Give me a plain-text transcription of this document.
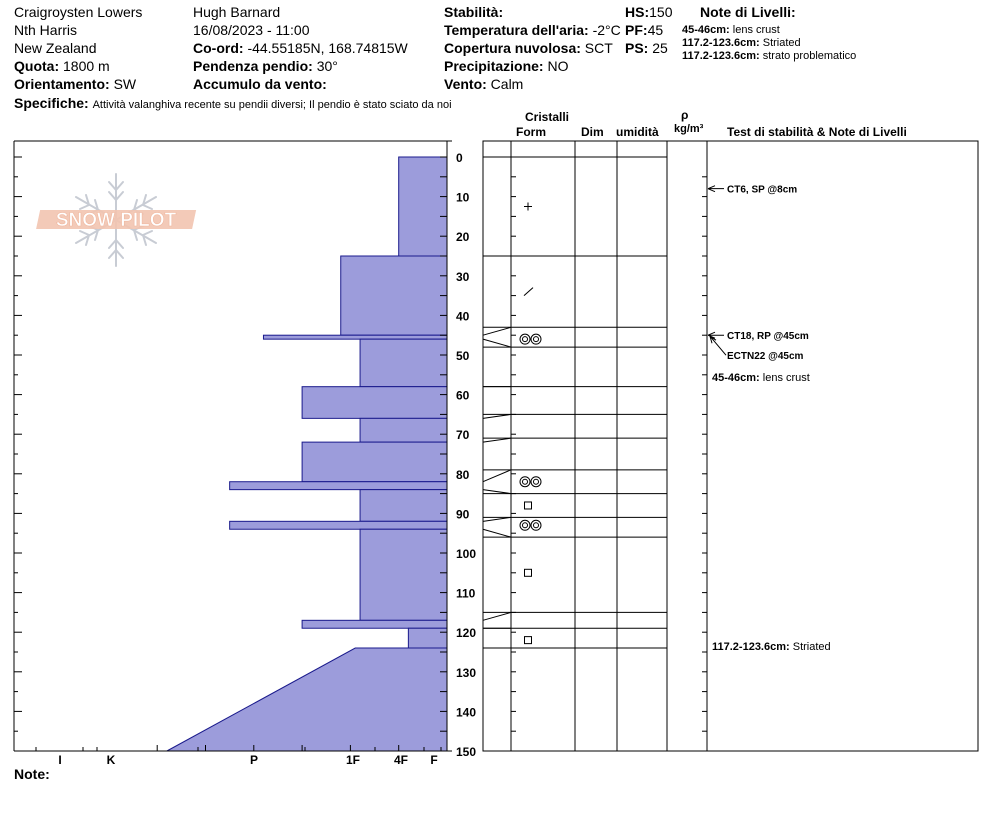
Craigroysten Lowers
Nth Harris
New Zealand
Quota: 1800 m
Orientamento: SW
Hugh Barnard
16/08/2023 - 11:00
Co-ord: -44.55185N, 168.74815W
Pendenza pendio: 30°
Accumulo da vento:
Stabilità:
Temperatura dell'aria: -2°C
Copertura nuvolosa: SCT
Precipitazione: NO
Vento: Calm
HS:150
PF:45
PS: 25
Note di Livelli:
45-46cm: lens crust
117.2-123.6cm: Striated
117.2-123.6cm: strato problematico
Specifiche: Attività valanghiva recente su pendii diversi; Il pendio è stato sciato da noi
Cristalli
Form	Dim umidità
ρ
kg/m³ Test di stabilità & Note di Livelli
SNOW PILOT
I	K	P	1F	4F F
0
10
20
30
40
50
60
70
80
90
100
110
120
130
140
150
CT6, SP @8cm
CT18, RP @45cm
ECTN22 @45cm
45-46cm: lens crust
117.2-123.6cm: Striated
Note:
